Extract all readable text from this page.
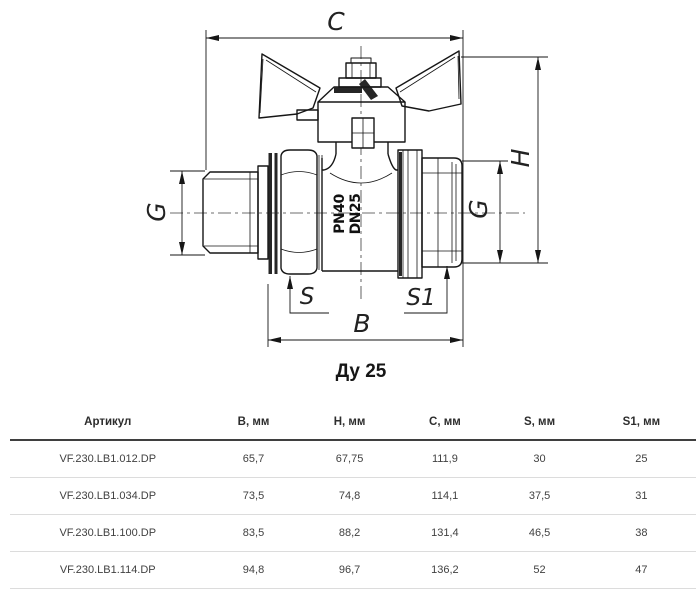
PN40 DN25
C
H
G
G
B
S	S1
Ду 25
Артикул	B, мм	H, мм	C, мм	S, мм	S1, мм
VF.230.LB1.012.DP	65,7	67,75	111,9	30	25
VF.230.LB1.034.DP	73,5	74,8	114,1	37,5	31
VF.230.LB1.100.DP	83,5	88,2	131,4	46,5	38
VF.230.LB1.114.DP	94,8	96,7	136,2	52	47
